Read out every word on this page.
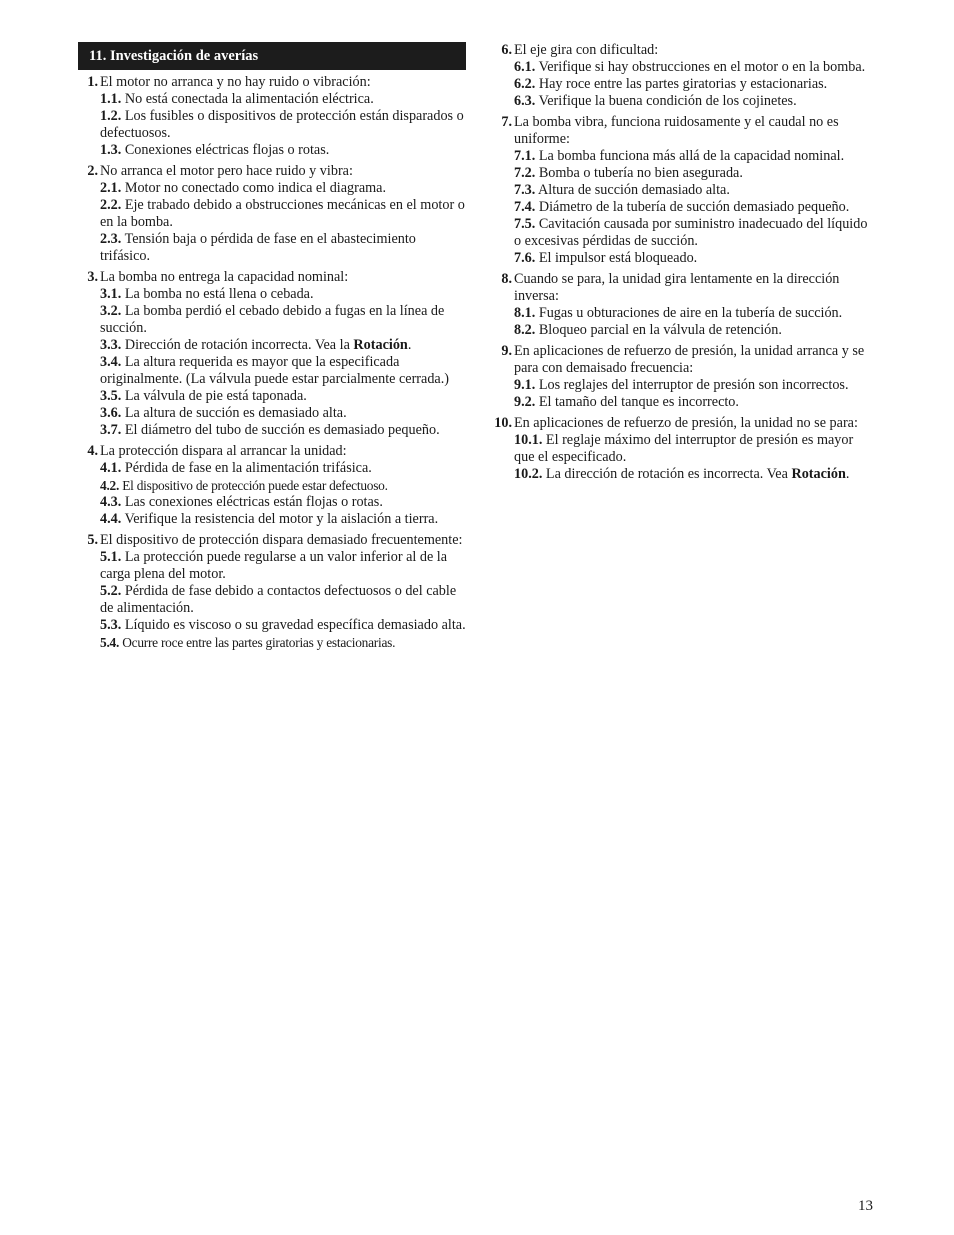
11. Investigación de averías
1. El motor no arranca y no hay ruido o vibración:
1.1. No está conectada la alimentación eléctrica.
1.2. Los fusibles o dispositivos de protección están disparados o defectuosos.
1.3. Conexiones eléctricas flojas o rotas.
2. No arranca el motor pero hace ruido y vibra:
2.1. Motor no conectado como indica el diagrama.
2.2. Eje trabado debido a obstrucciones mecánicas en el motor o en la bomba.
2.3. Tensión baja o pérdida de fase en el abastecimiento trifásico.
3. La bomba no entrega la capacidad nominal:
3.1. La bomba no está llena o cebada.
3.2. La bomba perdió el cebado debido a fugas en la línea de succión.
3.3. Dirección de rotación incorrecta. Vea la Rotación.
3.4. La altura requerida es mayor que la especificada originalmente. (La válvula puede estar parcialmente cerrada.)
3.5. La válvula de pie está taponada.
3.6. La altura de succión es demasiado alta.
3.7. El diámetro del tubo de succión es demasiado pequeño.
4. La protección dispara al arrancar la unidad:
4.1. Pérdida de fase en la alimentación trifásica.
4.2. El dispositivo de protección puede estar defectuoso.
4.3. Las conexiones eléctricas están flojas o rotas.
4.4. Verifique la resistencia del motor y la aislación a tierra.
5. El dispositivo de protección dispara demasiado frecuentemente:
5.1. La protección puede regularse a un valor inferior al de la carga plena del motor.
5.2. Pérdida de fase debido a contactos defectuosos o del cable de alimentación.
5.3. Líquido es viscoso o su gravedad específica demasiado alta.
5.4. Ocurre roce entre las partes giratorias y estacionarias.
6. El eje gira con dificultad:
6.1. Verifique si hay obstrucciones en el motor o en la bomba.
6.2. Hay roce entre las partes giratorias y estacionarias.
6.3. Verifique la buena condición de los cojinetes.
7. La bomba vibra, funciona ruidosamente y el caudal no es uniforme:
7.1. La bomba funciona más allá de la capacidad nominal.
7.2. Bomba o tubería no bien asegurada.
7.3. Altura de succión demasiado alta.
7.4. Diámetro de la tubería de succión demasiado pequeño.
7.5. Cavitación causada por suministro inadecuado del líquido o excesivas pérdidas de succión.
7.6. El impulsor está bloqueado.
8. Cuando se para, la unidad gira lentamente en la dirección inversa:
8.1. Fugas u obturaciones de aire en la tubería de succión.
8.2. Bloqueo parcial en la válvula de retención.
9. En aplicaciones de refuerzo de presión, la unidad arranca y se para con demaisado frecuencia:
9.1. Los reglajes del interruptor de presión son incorrectos.
9.2. El tamaño del tanque es incorrecto.
10. En aplicaciones de refuerzo de presión, la unidad no se para:
10.1. El reglaje máximo del interruptor de presión es mayor que el especificado.
10.2. La dirección de rotación es incorrecta. Vea Rotación.
13
